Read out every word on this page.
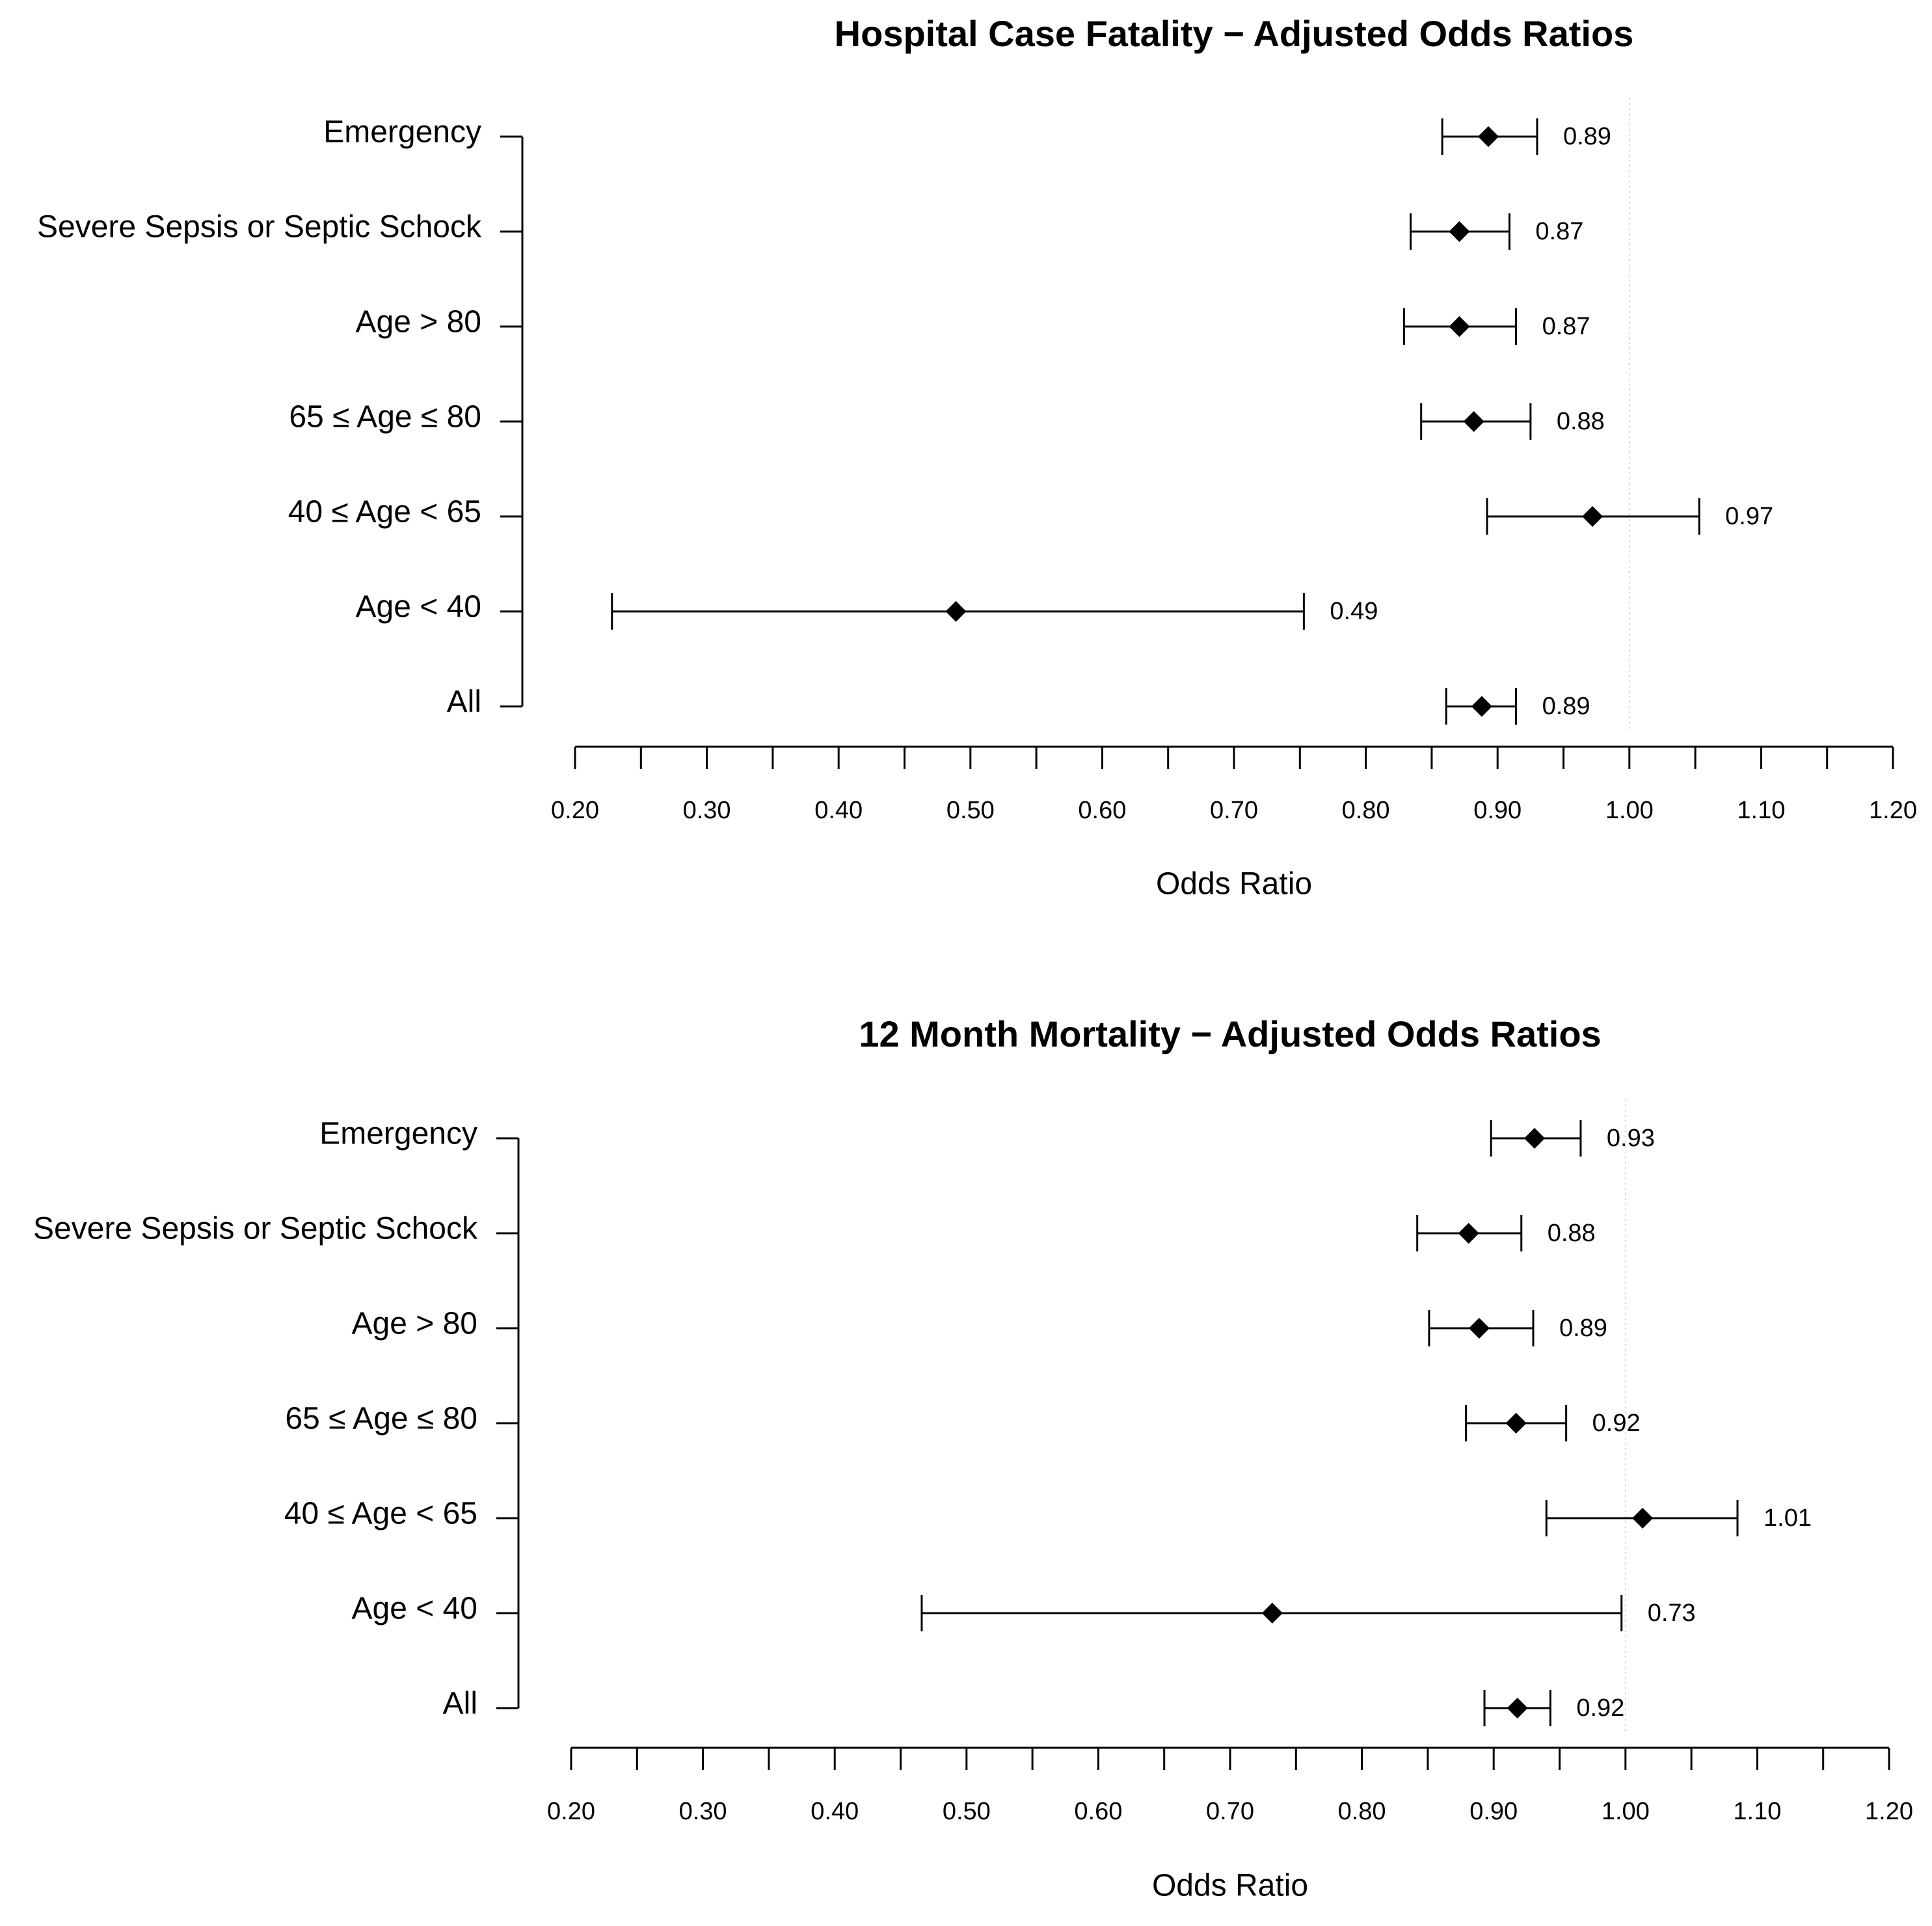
Hospital Case Fatality − Adjusted Odds Ratios
Emergency
Severe Sepsis or Septic Schock
Age > 80
65 ≤ Age ≤ 80
40 ≤ Age < 65
Age < 40
All
0.20	0.30	0.40	0.50	0.60	0.70	0.80	0.90	1.00	1.10	1.20
Odds Ratio
0.89
0.87
0.87
0.88
0.97
0.49
0.89
12 Month Mortality − Adjusted Odds Ratios
Emergency
Severe Sepsis or Septic Schock
Age > 80
65 ≤ Age ≤ 80
40 ≤ Age < 65
Age < 40
All
0.20	0.30	0.40	0.50	0.60	0.70	0.80	0.90	1.00	1.10	1.20
Odds Ratio
0.93
0.88
0.89
0.92
1.01
0.73
0.92
